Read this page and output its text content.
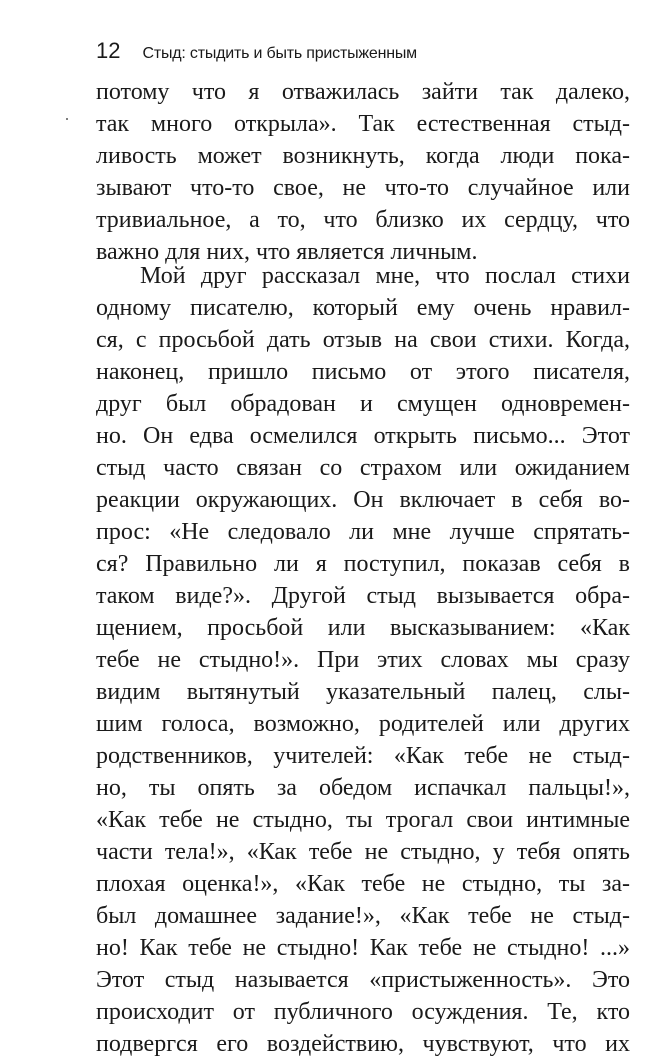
12 Стыд: стыдить и быть пристыженным
потому что я отважилась зайти так далеко,
так много открыла». Так естественная стыд-
ливость может возникнуть, когда люди пока-
зывают что-то свое, не что-то случайное или
тривиальное, а то, что близко их сердцу, что
важно для них, что является личным.
Мой друг рассказал мне, что послал стихи
одному писателю, который ему очень нравил-
ся, с просьбой дать отзыв на свои стихи. Когда,
наконец, пришло письмо от этого писателя,
друг был обрадован и смущен одновремен-
но. Он едва осмелился открыть письмо... Этот
стыд часто связан со страхом или ожиданием
реакции окружающих. Он включает в себя во-
прос: «Не следовало ли мне лучше спрятать-
ся? Правильно ли я поступил, показав себя в
таком виде?». Другой стыд вызывается обра-
щением, просьбой или высказыванием: «Как
тебе не стыдно!». При этих словах мы сразу
видим вытянутый указательный палец, слы-
шим голоса, возможно, родителей или других
родственников, учителей: «Как тебе не стыд-
но, ты опять за обедом испачкал пальцы!»,
«Как тебе не стыдно, ты трогал свои интимные
части тела!», «Как тебе не стыдно, у тебя опять
плохая оценка!», «Как тебе не стыдно, ты за-
был домашнее задание!», «Как тебе не стыд-
но! Как тебе не стыдно! Как тебе не стыдно! ...»
Этот стыд называется «пристыженность». Это
происходит от публичного осуждения. Те, кто
подвергся его воздействию, чувствуют, что их
